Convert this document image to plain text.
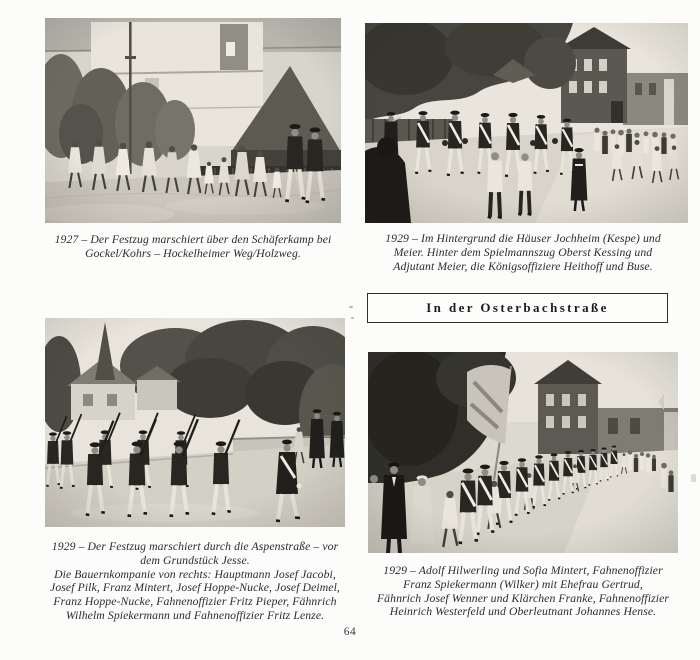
1927 – Der Festzug marschiert über den Schäferkamp bei
Gockel/Kohrs – Hockelheimer Weg/Holzweg.
1929 – Im Hintergrund die Häuser Jochheim (Kespe) und
Meier. Hinter dem Spielmannszug Oberst Kessing und
Adjutant Meier, die Königsoffiziere Heithoff und Buse.
In der Osterbachstraße
1929 – Der Festzug marschiert durch die Aspenstraße – vor
dem Grundstück Jesse.
Die Bauernkompanie von rechts: Hauptmann Josef Jacobi,
Josef Pilk, Franz Mintert, Josef Hoppe-Nucke, Josef Deimel,
Franz Hoppe-Nucke, Fahnenoffizier Fritz Pieper, Fähnrich
Wilhelm Spiekermann und Fahnenoffizier Fritz Lenze.
1929 – Adolf Hilwerling und Sofia Mintert, Fahnenoffizier
Franz Spiekermann (Wilker) mit Ehefrau Gertrud,
Fähnrich Josef Wenner und Klärchen Franke, Fahnenoffizier
Heinrich Westerfeld und Oberleutnant Johannes Hense.
64
